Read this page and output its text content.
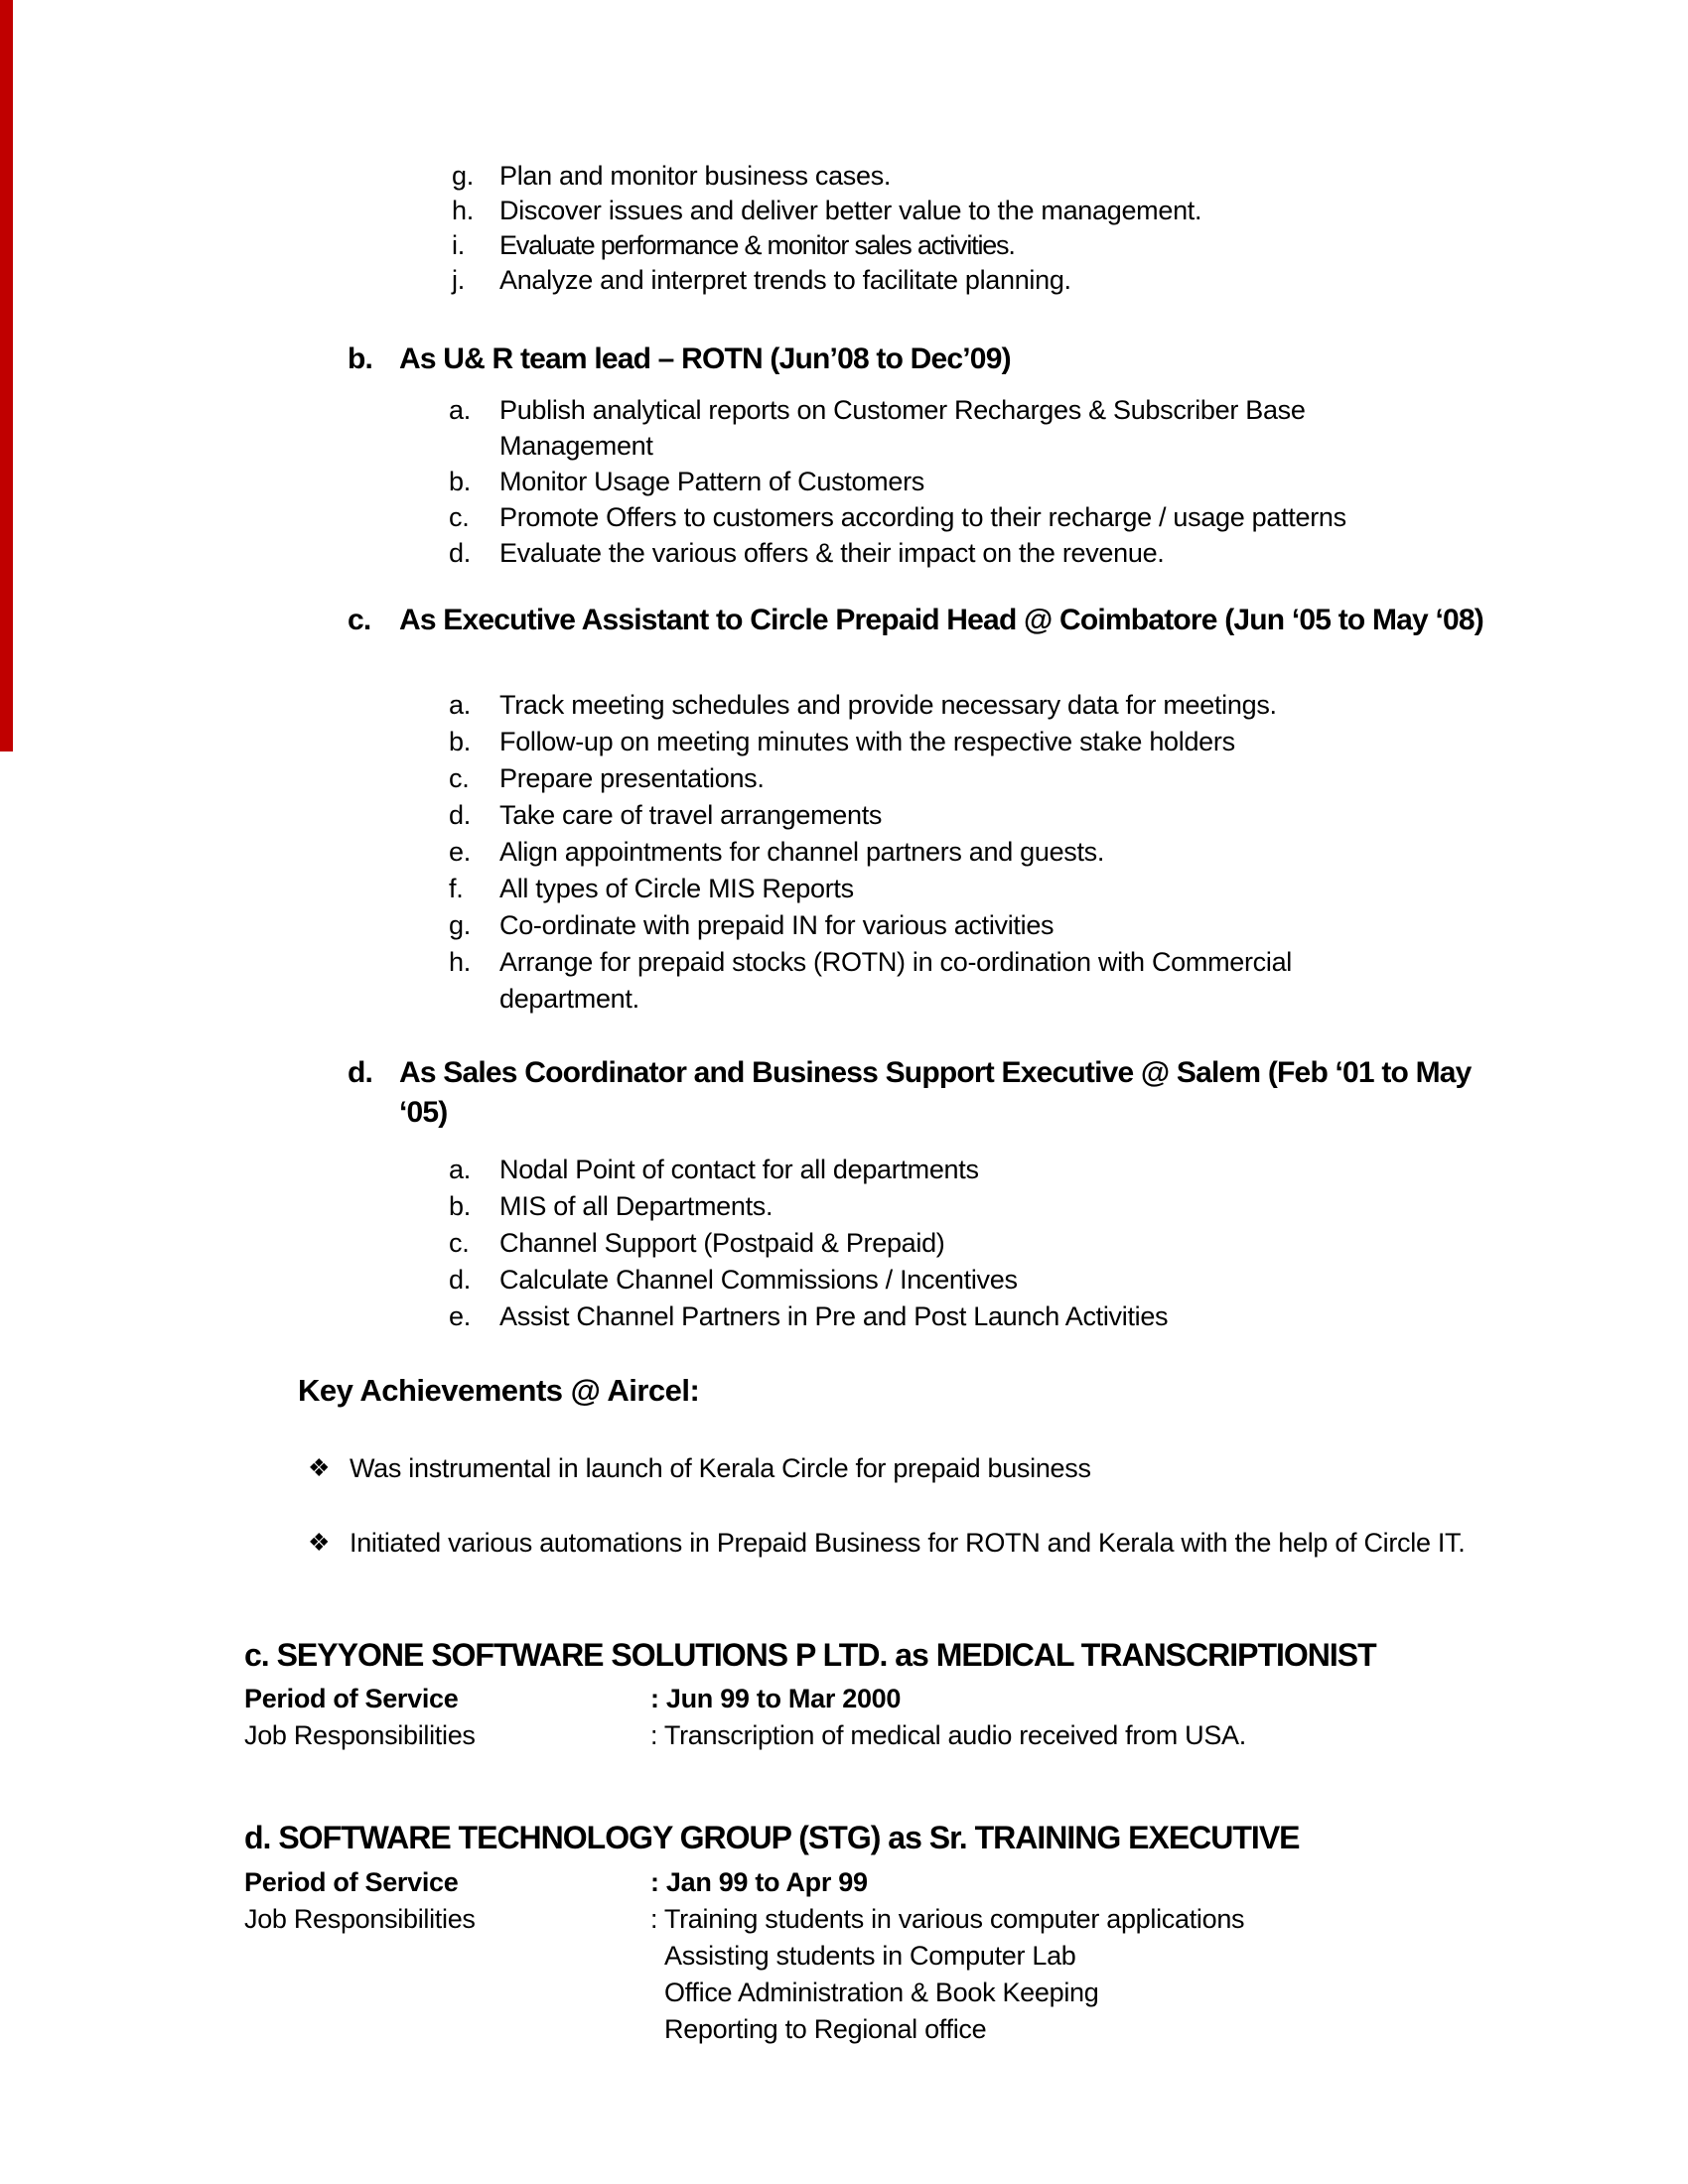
g. Plan and monitor business cases.
h. Discover issues and deliver better value to the management.
i.	Evaluate performance & monitor sales activities.
j.	Analyze and interpret trends to facilitate planning.
b. As U& R team lead – ROTN (Jun’08 to Dec’09)
a.	Publish analytical reports on Customer Recharges & Subscriber Base Management
b.	Monitor Usage Pattern of Customers
c.	Promote Offers to customers according to their recharge / usage patterns
d.	Evaluate the various offers & their impact on the revenue.
c. As Executive Assistant to Circle Prepaid Head @ Coimbatore (Jun ‘05 to May ‘08)
a.	Track meeting schedules and provide necessary data for meetings.
b.	Follow-up on meeting minutes with the respective stake holders
c.	Prepare presentations.
d.	Take care of travel arrangements
e.	Align appointments for channel partners and guests.
f.	All types of Circle MIS Reports
g.	Co-ordinate with prepaid IN for various activities
h.	Arrange for prepaid stocks (ROTN) in co-ordination with Commercial department.
d. As Sales Coordinator and Business Support Executive @ Salem (Feb ‘01 to May ‘05)
a.	Nodal Point of contact for all departments
b.	MIS of all Departments.
c.	Channel Support (Postpaid & Prepaid)
d.	Calculate Channel Commissions / Incentives
e.	Assist Channel Partners in Pre and Post Launch Activities
Key Achievements @ Aircel:
❖ Was instrumental in launch of Kerala Circle for prepaid business
❖ Initiated various automations in Prepaid Business for ROTN and Kerala with the help of Circle IT.
c. SEYYONE SOFTWARE SOLUTIONS P LTD. as MEDICAL TRANSCRIPTIONIST
Period of Service	: Jun 99 to Mar 2000
Job Responsibilities	: Transcription of medical audio received from USA.
d. SOFTWARE TECHNOLOGY GROUP (STG) as Sr. TRAINING EXECUTIVE
Period of Service	: Jan 99 to Apr 99
Job Responsibilities	: Training students in various computer applications
Assisting students in Computer Lab
Office Administration & Book Keeping
Reporting to Regional office
